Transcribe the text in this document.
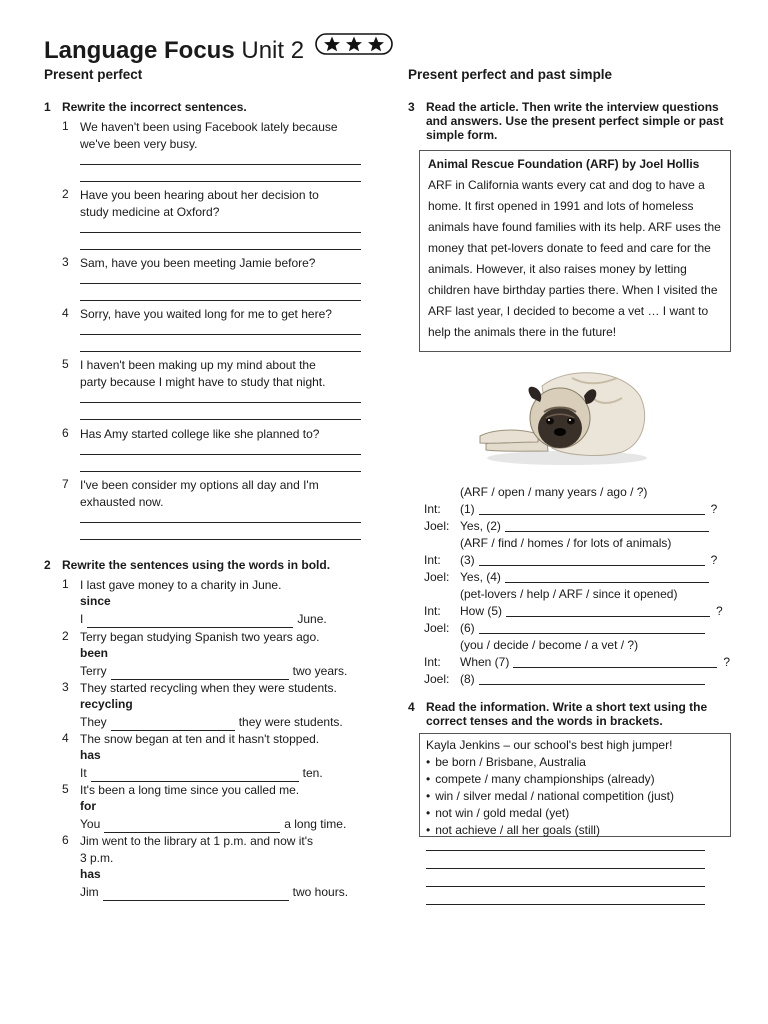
Language Focus Unit 2
Present perfect	Present perfect and past simple
1 Rewrite the incorrect sentences.
1 We haven't been using Facebook lately because
we've been very busy.
2 Have you been hearing about her decision to
study medicine at Oxford?
3 Sam, have you been meeting Jamie before?
4 Sorry, have you waited long for me to get here?
5 I haven't been making up my mind about the
party because I might have to study that night.
6 Has Amy started college like she planned to?
7 I've been consider my options all day and I'm
exhausted now.
2 Rewrite the sentences using the words in bold.
1 I last gave money to a charity in June.
since
I	June.
2 Terry began studying Spanish two years ago.
been
Terry	two years.
3 They started recycling when they were students.
recycling
They	they were students.
4 The snow began at ten and it hasn't stopped.
has
It	ten.
5 It's been a long time since you called me.
for
You	a long time.
6 Jim went to the library at 1 p.m. and now it's
3 p.m.
has
Jim	two hours.
3 Read the article. Then write the interview questions and answers. Use the present perfect simple or past simple form.
Animal Rescue Foundation (ARF) by Joel Hollis
ARF in California wants every cat and dog to have a home. It first opened in 1991 and lots of homeless animals have found families with its help. ARF uses the money that pet-lovers donate to feed and care for the animals. However, it also raises money by letting children have birthday parties there. When I visited the ARF last year, I decided to become a vet … I want to help the animals there in the future!
(ARF / open / many years / ago / ?)
Int: (1)	?
Joel: Yes, (2)
(ARF / find / homes / for lots of animals)
Int: (3)	?
Joel: Yes, (4)
(pet-lovers / help / ARF / since it opened)
Int: How (5)	?
Joel: (6)
(you / decide / become / a vet / ?)
Int: When (7)	?
Joel: (8)
4 Read the information. Write a short text using the correct tenses and the words in brackets.
Kayla Jenkins – our school's best high jumper!
• be born / Brisbane, Australia
• compete / many championships (already)
• win / silver medal / national competition (just)
• not win / gold medal (yet)
• not achieve / all her goals (still)
